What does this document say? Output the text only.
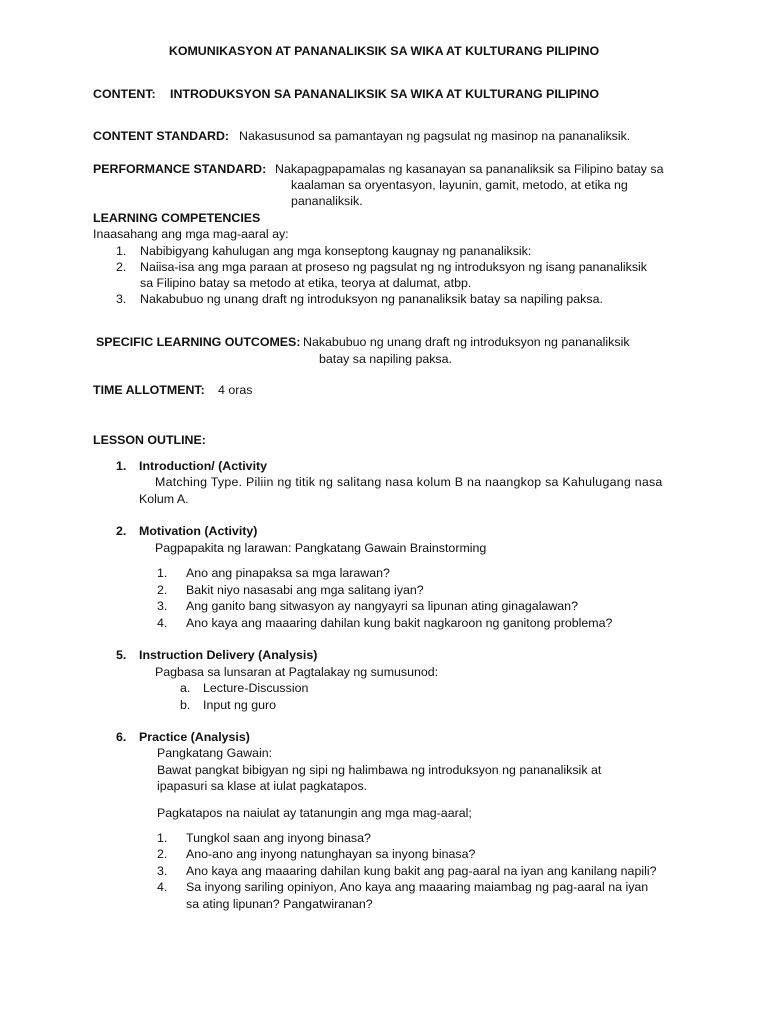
KOMUNIKASYON AT PANANALIKSIK SA WIKA AT KULTURANG PILIPINO
CONTENT: INTRODUKSYON SA PANANALIKSIK SA WIKA AT KULTURANG PILIPINO
CONTENT STANDARD: Nakasusunod sa pamantayan ng pagsulat ng masinop na pananaliksik.
PERFORMANCE STANDARD: Nakapagpapamalas ng kasanayan sa pananaliksik sa Filipino batay sa
kaalaman sa oryentasyon, layunin, gamit, metodo, at etika ng
pananaliksik.
LEARNING COMPETENCIES
Inaasahang ang mga mag-aaral ay:
1. Nabibigyang kahulugan ang mga konseptong kaugnay ng pananaliksik:
2. Naiisa-isa ang mga paraan at proseso ng pagsulat ng ng introduksyon ng isang pananaliksik
sa Filipino batay sa metodo at etika, teorya at dalumat, atbp.
3. Nakabubuo ng unang draft ng introduksyon ng pananaliksik batay sa napiling paksa.
SPECIFIC LEARNING OUTCOMES: Nakabubuo ng unang draft ng introduksyon ng pananaliksik
batay sa napiling paksa.
TIME ALLOTMENT: 4 oras
LESSON OUTLINE:
1. Introduction/ (Activity
Matching Type. Piliin ng titik ng salitang nasa kolum B na naangkop sa Kahulugang nasa
Kolum A.
2. Motivation (Activity)
Pagpapakita ng larawan: Pangkatang Gawain Brainstorming
1. Ano ang pinapaksa sa mga larawan?
2. Bakit niyo nasasabi ang mga salitang iyan?
3. Ang ganito bang sitwasyon ay nangyayri sa lipunan ating ginagalawan?
4. Ano kaya ang maaaring dahilan kung bakit nagkaroon ng ganitong problema?
5. Instruction Delivery (Analysis)
Pagbasa sa lunsaran at Pagtalakay ng sumusunod:
a. Lecture-Discussion
b. Input ng guro
6. Practice (Analysis)
Pangkatang Gawain:
Bawat pangkat bibigyan ng sipi ng halimbawa ng introduksyon ng pananaliksik at
ipapasuri sa klase at iulat pagkatapos.
Pagkatapos na naiulat ay tatanungin ang mga mag-aaral;
1. Tungkol saan ang inyong binasa?
2. Ano-ano ang inyong natunghayan sa inyong binasa?
3. Ano kaya ang maaaring dahilan kung bakit ang pag-aaral na iyan ang kanilang napili?
4. Sa inyong sariling opiniyon, Ano kaya ang maaaring maiambag ng pag-aaral na iyan
sa ating lipunan? Pangatwiranan?
